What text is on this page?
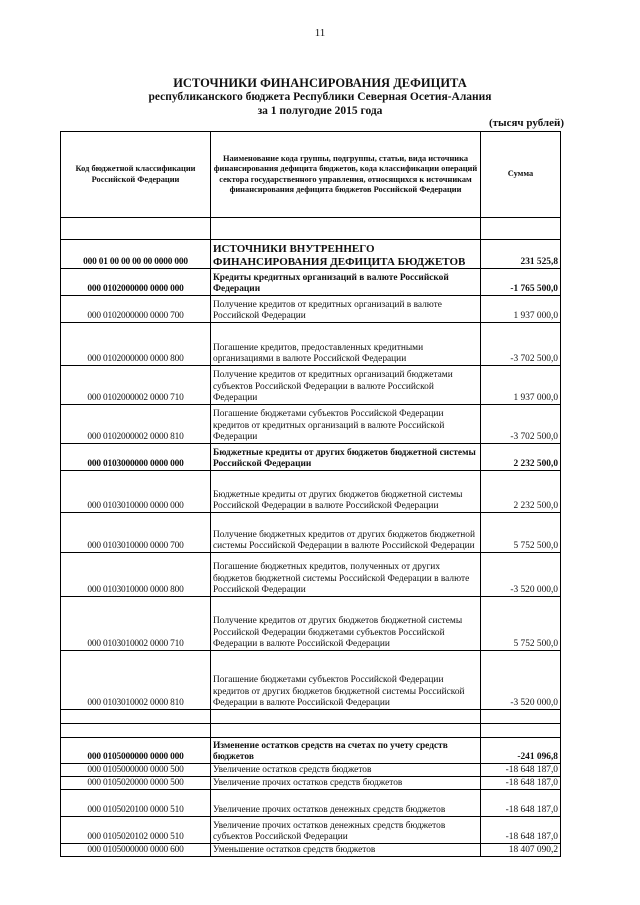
11
ИСТОЧНИКИ ФИНАНСИРОВАНИЯ ДЕФИЦИТА
республиканского бюджета Республики Северная Осетия-Алания
за 1 полугодие 2015 года
(тысяч рублей)
Код бюджетной классификации Российской Федерации	Наименование кода группы, подгруппы, статьи, вида источника финансирования дефицита бюджетов, кода классификации операций сектора государственного управления, относящихся к источникам финансирования дефицита бюджетов Российской Федерации	Сумма

000 01 00 00 00 00 0000 000	ИСТОЧНИКИ ВНУТРЕННЕГО ФИНАНСИРОВАНИЯ ДЕФИЦИТА БЮДЖЕТОВ	231 525,8
000 0102000000 0000 000	Кредиты кредитных организаций в валюте Российской Федерации	-1 765 500,0
000 0102000000 0000 700	Получение кредитов от кредитных организаций в валюте Российской Федерации	1 937 000,0
000 0102000000 0000 800	Погашение кредитов, предоставленных кредитными организациями в валюте Российской Федерации	-3 702 500,0
000 0102000002 0000 710	Получение кредитов от кредитных организаций бюджетами субъектов Российской Федерации в валюте Российской Федерации	1 937 000,0
000 0102000002 0000 810	Погашение бюджетами субъектов Российской Федерации кредитов от кредитных организаций в валюте Российской Федерации	-3 702 500,0
000 0103000000 0000 000	Бюджетные кредиты от других бюджетов бюджетной системы Российской Федерации	2 232 500,0
000 0103010000 0000 000	Бюджетные кредиты от других бюджетов бюджетной системы Российской Федерации в валюте Российской Федерации	2 232 500,0
000 0103010000 0000 700	Получение бюджетных кредитов от других бюджетов бюджетной системы Российской Федерации в валюте Российской Федерации	5 752 500,0
000 0103010000 0000 800	Погашение бюджетных кредитов, полученных от других бюджетов бюджетной системы Российской Федерации в валюте Российской Федерации	-3 520 000,0
000 0103010002 0000 710	Получение кредитов от других бюджетов бюджетной системы Российской Федерации бюджетами субъектов Российской Федерации в валюте Российской Федерации	5 752 500,0
000 0103010002 0000 810	Погашение бюджетами субъектов Российской Федерации кредитов от других бюджетов бюджетной системы Российской Федерации в валюте Российской Федерации	-3 520 000,0

000 0105000000 0000 000	Изменение остатков средств на счетах по учету средств бюджетов	-241 096,8
000 0105000000 0000 500	Увеличение остатков средств бюджетов	-18 648 187,0
000 0105020000 0000 500	Увеличение прочих остатков средств бюджетов	-18 648 187,0
000 0105020100 0000 510	Увеличение прочих остатков денежных средств бюджетов	-18 648 187,0
000 0105020102 0000 510	Увеличение прочих остатков денежных средств бюджетов субъектов Российской Федерации	-18 648 187,0
000 0105000000 0000 600	Уменьшение остатков средств бюджетов	18 407 090,2
